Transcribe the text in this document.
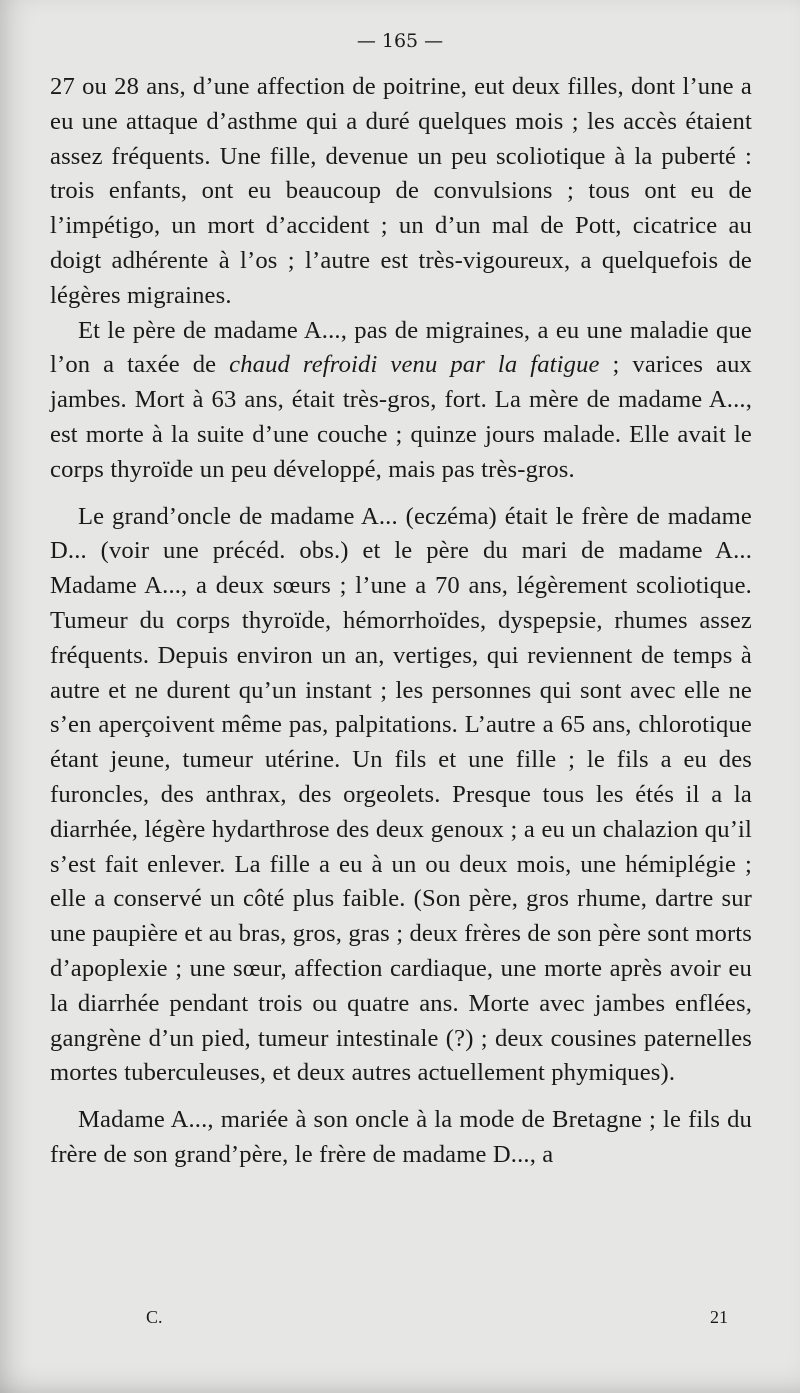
— 165 —

27 ou 28 ans, d’une affection de poitrine, eut deux filles, dont l’une a eu une attaque d’asthme qui a duré quelques mois ; les accès étaient assez fréquents. Une fille, devenue un peu scoliotique à la puberté : trois enfants, ont eu beaucoup de convulsions ; tous ont eu de l’impétigo, un mort d’accident ; un d’un mal de Pott, cicatrice au doigt adhérente à l’os ; l’autre est très-vigoureux, a quelquefois de légères migraines.

Et le père de madame A..., pas de migraines, a eu une maladie que l’on a taxée de chaud refroidi venu par la fatigue ; varices aux jambes. Mort à 63 ans, était très-gros, fort. La mère de madame A..., est morte à la suite d’une couche ; quinze jours malade. Elle avait le corps thyroïde un peu développé, mais pas très-gros.

Le grand’oncle de madame A... (eczéma) était le frère de madame D... (voir une précéd. obs.) et le père du mari de madame A... Madame A..., a deux sœurs ; l’une a 70 ans, légèrement scoliotique. Tumeur du corps thyroïde, hémorrhoïdes, dyspepsie, rhumes assez fréquents. Depuis environ un an, vertiges, qui reviennent de temps à autre et ne durent qu’un instant ; les personnes qui sont avec elle ne s’en aperçoivent même pas, palpitations. L’autre a 65 ans, chlorotique étant jeune, tumeur utérine. Un fils et une fille ; le fils a eu des furoncles, des anthrax, des orgeolets. Presque tous les étés il a la diarrhée, légère hydarthrose des deux genoux ; a eu un chalazion qu’il s’est fait enlever. La fille a eu à un ou deux mois, une hémiplégie ; elle a conservé un côté plus faible. (Son père, gros rhume, dartre sur une paupière et au bras, gros, gras ; deux frères de son père sont morts d’apoplexie ; une sœur, affection cardiaque, une morte après avoir eu la diarrhée pendant trois ou quatre ans. Morte avec jambes enflées, gangrène d’un pied, tumeur intestinale (?) ; deux cousines paternelles mortes tuberculeuses, et deux autres actuellement phymiques).

Madame A..., mariée à son oncle à la mode de Bretagne ; le fils du frère de son grand’père, le frère de madame D..., a

C.	21
